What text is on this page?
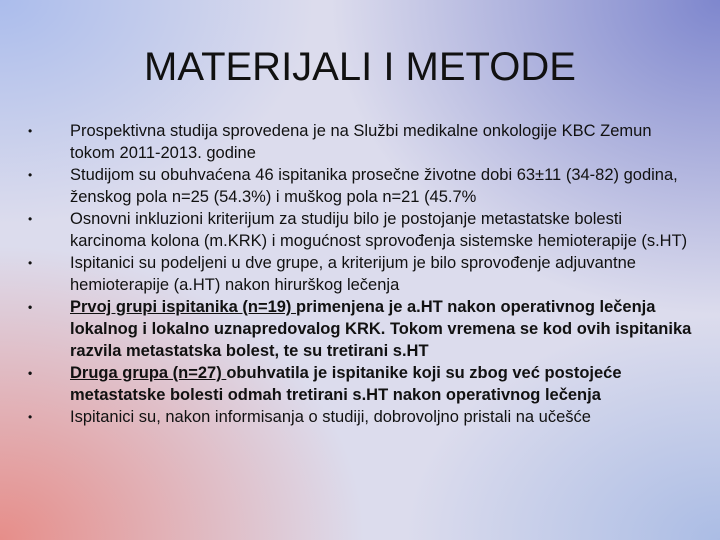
MATERIJALI I METODE
•	Prospektivna studija sprovedena je na Službi medikalne onkologije KBC Zemun tokom 2011-2013. godine
•	Studijom su obuhvaćena 46 ispitanika prosečne životne dobi 63±11 (34-82) godina, ženskog pola n=25 (54.3%) i muškog pola n=21 (45.7%
•	Osnovni inkluzioni kriterijum za studiju bilo je postojanje metastatske bolesti karcinoma kolona (m.KRK) i mogućnost sprovođenja sistemske hemioterapije (s.HT)
•	Ispitanici su podeljeni u dve grupe, a kriterijum je bilo sprovođenje adjuvantne hemioterapije (a.HT) nakon hirurškog lečenja
•	Prvoj grupi ispitanika (n=19) primenjena je a.HT nakon operativnog lečenja lokalnog i lokalno uznapredovalog KRK. Tokom vremena se kod ovih ispitanika razvila metastatska bolest, te su tretirani s.HT
•	Druga grupa (n=27) obuhvatila je ispitanike koji su zbog već postojeće metastatske bolesti odmah tretirani s.HT nakon operativnog lečenja
•	Ispitanici su, nakon informisanja o studiji, dobrovoljno pristali na učešće
